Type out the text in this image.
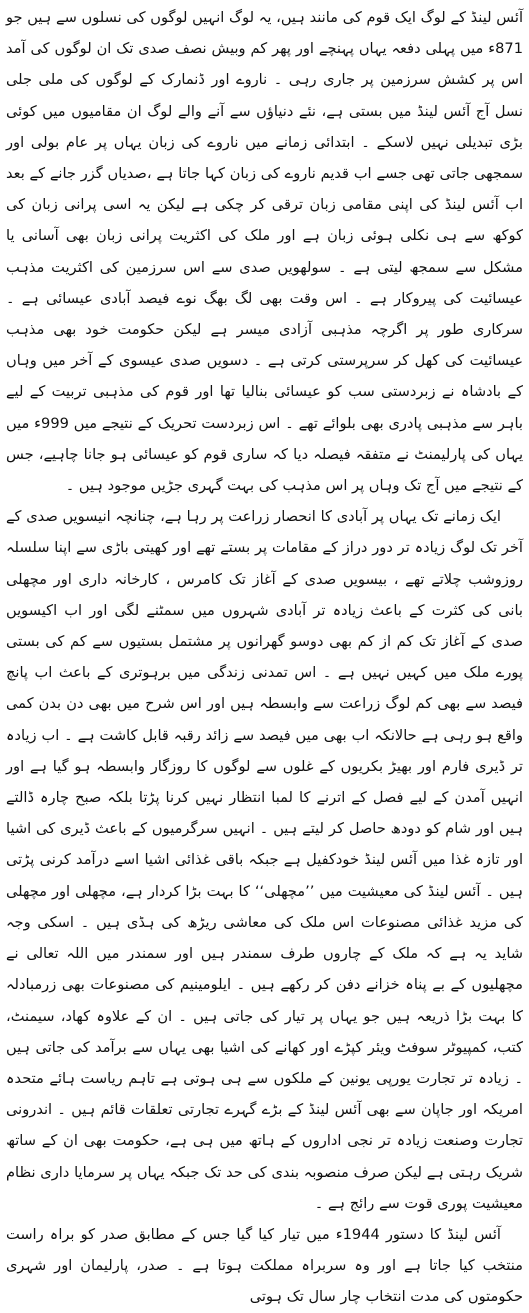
آئس لینڈ کے لوگ ایک قوم کی مانند ہیں، یہ لوگ انہیں لوگوں کی نسلوں سے ہیں جو 871ء میں پہلی دفعہ یہاں پہنچے اور پھر کم وبیش نصف صدی تک ان لوگوں کی آمد اس پر کشش سرزمین پر جاری رہی ۔ ناروے اور ڈنمارک کے لوگوں کی ملی جلی نسل آج آئس لینڈ میں بستی ہے، نئے دنیاؤں سے آنے والے لوگ ان مقامیوں میں کوئی بڑی تبدیلی نہیں لاسکے ۔ ابتدائی زمانے میں ناروے کی زبان یہاں پر عام بولی اور سمجھی جاتی تھی جسے اب قدیم ناروے کی زبان کہا جاتا ہے ،صدیاں گزر جانے کے بعد اب آئس لینڈ کی اپنی مقامی زبان ترقی کر چکی ہے لیکن یہ اسی پرانی زبان کی کوکھ سے ہی نکلی ہوئی زبان ہے اور ملک کی اکثریت پرانی زبان بھی آسانی یا مشکل سے سمجھ لیتی ہے ۔ سولھویں صدی سے اس سرزمین کی اکثریت مذہب عیسائیت کی پیروکار ہے ۔ اس وقت بھی لگ بھگ نوے فیصد آبادی عیسائی ہے ۔ سرکاری طور پر اگرچہ مذہبی آزادی میسر ہے لیکن حکومت خود بھی مذہب عیسائیت کی کھل کر سرپرستی کرتی ہے ۔ دسویں صدی عیسوی کے آخر میں وہاں کے بادشاہ نے زبردستی سب کو عیسائی بنالیا تھا اور قوم کی مذہبی تربیت کے لیے باہر سے مذہبی پادری بھی بلوائے تھے ۔ اس زبردست تحریک کے نتیجے میں 999ء میں یہاں کی پارلیمنٹ نے متفقہ فیصلہ دیا کہ ساری قوم کو عیسائی ہو جانا چاہیے، جس کے نتیجے میں آج تک وہاں پر اس مذہب کی بہت گہری جڑیں موجود ہیں ۔

ایک زمانے تک یہاں پر آبادی کا انحصار زراعت پر رہا ہے، چنانچہ انیسویں صدی کے آخر تک لوگ زیادہ تر دور دراز کے مقامات پر بستے تھے اور کھیتی باڑی سے اپنا سلسلہ روزوشب چلاتے تھے ، بیسویں صدی کے آغاز تک کامرس ، کارخانہ داری اور مچھلی بانی کی کثرت کے باعث زیادہ تر آبادی شہروں میں سمٹنے لگی اور اب اکیسویں صدی کے آغاز تک کم از کم بھی دوسو گھرانوں پر مشتمل بستیوں سے کم کی بستی پورے ملک میں کہیں نہیں ہے ۔ اس تمدنی زندگی میں برہوتری کے باعث اب پانچ فیصد سے بھی کم لوگ زراعت سے وابسطہ ہیں اور اس شرح میں بھی دن بدن کمی واقع ہو رہی ہے حالانکہ اب بھی میں فیصد سے زائد رقبہ قابل کاشت ہے ۔ اب زیادہ تر ڈیری فارم اور بھیڑ بکریوں کے غلوں سے لوگوں کا روزگار وابسطہ ہو گیا ہے اور انہیں آمدن کے لیے فصل کے اترنے کا لمبا انتظار نہیں کرنا پڑتا بلکہ صبح چارہ ڈالتے ہیں اور شام کو دودھ حاصل کر لیتے ہیں ۔ انہیں سرگرمیوں کے باعث ڈیری کی اشیا اور تازہ غذا میں آئس لینڈ خودکفیل ہے جبکہ باقی غذائی اشیا اسے درآمد کرنی پڑتی ہیں ۔ آئس لینڈ کی معیشیت میں ’’مچھلی‘‘ کا بہت بڑا کردار ہے، مچھلی اور مچھلی کی مزید غذائی مصنوعات اس ملک کی معاشی ریڑھ کی ہڈی ہیں ۔ اسکی وجہ شاید یہ ہے کہ ملک کے چاروں طرف سمندر ہیں اور سمندر میں اللہ تعالی نے مچھلیوں کے بے پناہ خزانے دفن کر رکھے ہیں ۔ ایلومینیم کی مصنوعات بھی زرمبادلہ کا بہت بڑا ذریعہ ہیں جو یہاں پر تیار کی جاتی ہیں ۔ ان کے علاوہ کھاد، سیمنٹ، کتب، کمپیوٹر سوفٹ ویئر کپڑے اور کھانے کی اشیا بھی یہاں سے برآمد کی جاتی ہیں ۔ زیادہ تر تجارت یورپی یونین کے ملکوں سے ہی ہوتی ہے تاہم ریاست ہائے متحدہ امریکہ اور جاپان سے بھی آئس لینڈ کے بڑے گہرے تجارتی تعلقات قائم ہیں ۔ اندرونی تجارت وصنعت زیادہ تر نجی اداروں کے ہاتھ میں ہی ہے، حکومت بھی ان کے ساتھ شریک رہتی ہے لیکن صرف منصوبہ بندی کی حد تک جبکہ یہاں پر سرمایا داری نظام معیشیت پوری قوت سے رائج ہے ۔

آئس لینڈ کا دستور 1944ء میں تیار کیا گیا جس کے مطابق صدر کو براہ راست منتخب کیا جاتا ہے اور وہ سربراہ مملکت ہوتا ہے ۔ صدر، پارلیمان اور شہری حکومتوں کی مدت انتخاب چار سال تک ہوتی
